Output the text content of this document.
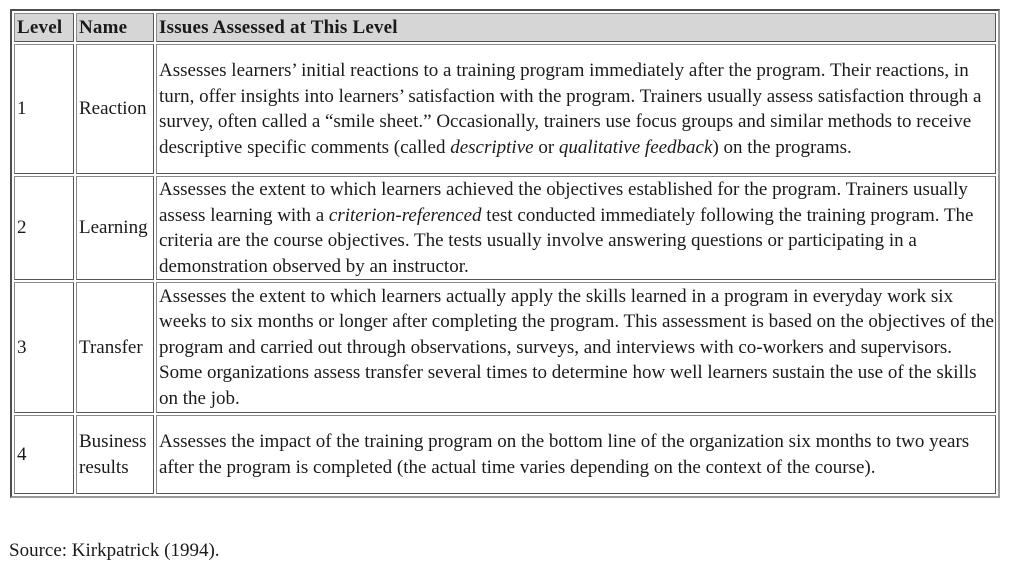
Level	Name	Issues Assessed at This Level
1	Reaction	Assesses learners’ initial reactions to a training program immediately after the program. Their reactions, in turn, offer insights into learners’ satisfaction with the program. Trainers usually assess satisfaction through a survey, often called a “smile sheet.” Occasionally, trainers use focus groups and similar methods to receive descriptive specific comments (called descriptive or qualitative feedback) on the programs.
2	Learning	Assesses the extent to which learners achieved the objectives established for the program. Trainers usually assess learning with a criterion-referenced test conducted immediately following the training program. The criteria are the course objectives. The tests usually involve answering questions or participating in a demonstration observed by an instructor.
3	Transfer	Assesses the extent to which learners actually apply the skills learned in a program in everyday work six weeks to six months or longer after completing the program. This assessment is based on the objectives of the program and carried out through observations, surveys, and interviews with co-workers and supervisors. Some organizations assess transfer several times to determine how well learners sustain the use of the skills on the job.
4	Business results	Assesses the impact of the training program on the bottom line of the organization six months to two years after the program is completed (the actual time varies depending on the context of the course).
Source: Kirkpatrick (1994).
